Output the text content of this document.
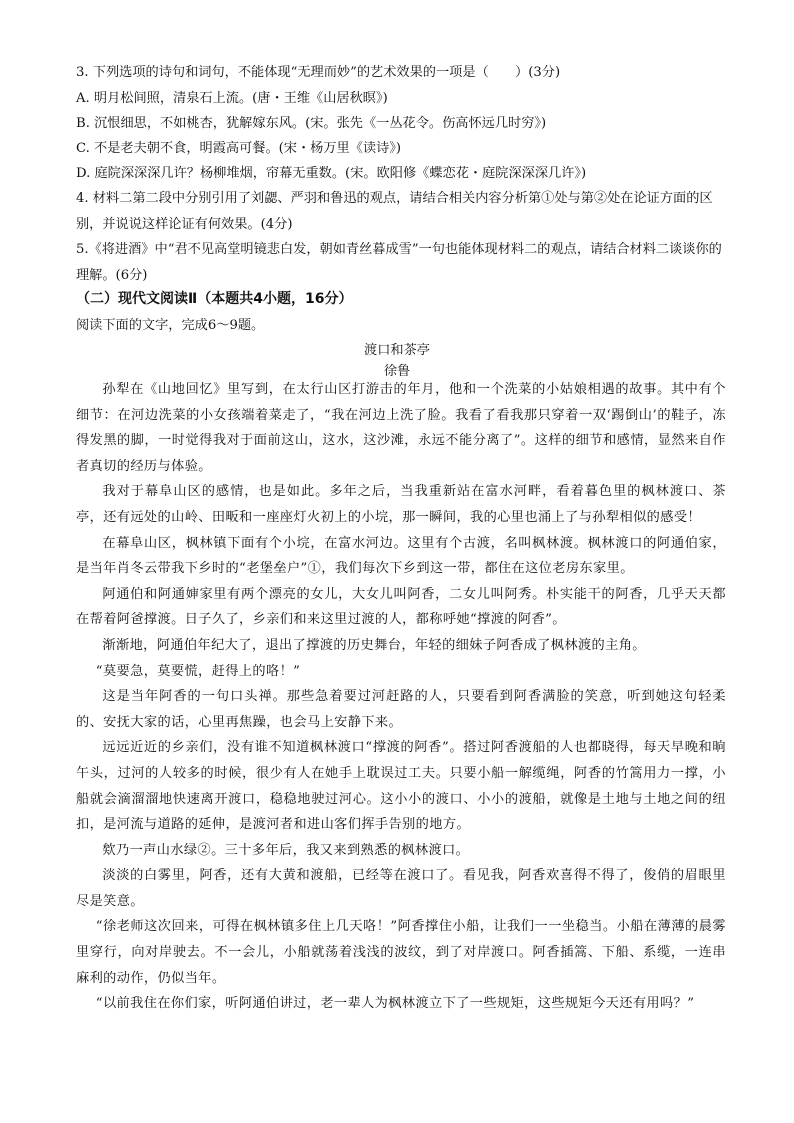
3. 下列选项的诗句和词句，不能体现“无理而妙”的艺术效果的一项是（　　）(3分)

A. 明月松间照，清泉石上流。(唐・王维《山居秋暝》)

B. 沉恨细思，不如桃杏，犹解嫁东风。(宋。张先《一丛花令。伤高怀远几时穷》)

C. 不是老夫朝不食，明霞高可餐。(宋・杨万里《读诗》)

D. 庭院深深深几许？杨柳堆烟，帘幕无重数。(宋。欧阳修《蝶恋花・庭院深深深几许》)

4. 材料二第二段中分别引用了刘勰、严羽和鲁迅的观点，请结合相关内容分析第①处与第②处在论证方面的区别，并说说这样论证有何效果。(4分)

5.《将进酒》中“君不见高堂明镜悲白发，朝如青丝暮成雪”一句也能体现材料二的观点，请结合材料二谈谈你的理解。(6分)

（二）现代文阅读Ⅱ（本题共4小题，16分）
阅读下面的文字，完成6～9题。
渡口和茶亭
徐鲁

孙犁在《山地回忆》里写到，在太行山区打游击的年月，他和一个洗菜的小姑娘相遇的故事。其中有个细节：在河边洗菜的小女孩端着菜走了，“我在河边上洗了脸。我看了看我那只穿着一双‘踢倒山’的鞋子，冻得发黑的脚，一时觉得我对于面前这山，这水，这沙滩，永远不能分离了”。这样的细节和感情，显然来自作者真切的经历与体验。

我对于幕阜山区的感情，也是如此。多年之后，当我重新站在富水河畔，看着暮色里的枫林渡口、茶亭，还有远处的山岭、田畈和一座座灯火初上的小垸，那一瞬间，我的心里也涌上了与孙犁相似的感受！

在幕阜山区，枫林镇下面有个小垸，在富水河边。这里有个古渡，名叫枫林渡。枫林渡口的阿通伯家，是当年肖冬云带我下乡时的“老堡垒户”①，我们每次下乡到这一带，都住在这位老房东家里。

阿通伯和阿通婶家里有两个漂亮的女儿，大女儿叫阿香，二女儿叫阿秀。朴实能干的阿香，几乎天天都在帮着阿爸撑渡。日子久了，乡亲们和来这里过渡的人，都称呼她“撑渡的阿香”。

渐渐地，阿通伯年纪大了，退出了撑渡的历史舞台，年轻的细妹子阿香成了枫林渡的主角。

“莫要急，莫要慌，赶得上的咯！”

这是当年阿香的一句口头禅。那些急着要过河赶路的人，只要看到阿香满脸的笑意，听到她这句轻柔的、安抚大家的话，心里再焦躁，也会马上安静下来。

远远近近的乡亲们，没有谁不知道枫林渡口“撑渡的阿香”。搭过阿香渡船的人也都晓得，每天早晚和晌午头，过河的人较多的时候，很少有人在她手上耽误过工夫。只要小船一解缆绳，阿香的竹篙用力一撑，小船就会滴溜溜地快速离开渡口，稳稳地驶过河心。这小小的渡口、小小的渡船，就像是土地与土地之间的纽扣，是河流与道路的延伸，是渡河者和进山客们挥手告别的地方。

欸乃一声山水绿②。三十多年后，我又来到熟悉的枫林渡口。

淡淡的白雾里，阿香，还有大黄和渡船，已经等在渡口了。看见我，阿香欢喜得不得了，俊俏的眉眼里尽是笑意。

“徐老师这次回来，可得在枫林镇多住上几天咯！”阿香撑住小船，让我们一一坐稳当。小船在薄薄的晨雾里穿行，向对岸驶去。不一会儿，小船就荡着浅浅的波纹，到了对岸渡口。阿香插篙、下船、系缆，一连串麻利的动作，仍似当年。

“以前我住在你们家，听阿通伯讲过，老一辈人为枫林渡立下了一些规矩，这些规矩今天还有用吗？”
